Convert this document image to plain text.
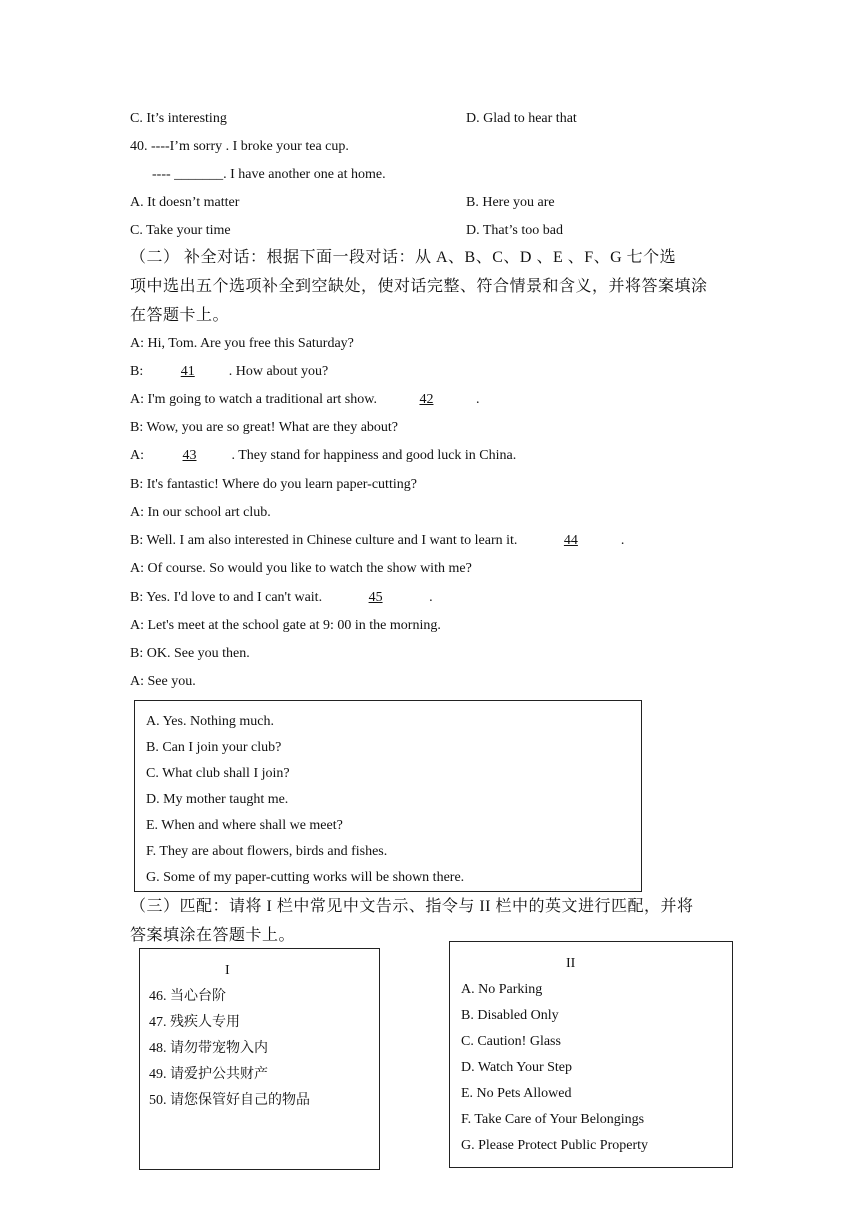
C. It’s interesting	D. Glad to hear that
40. ----I’m sorry . I broke your tea cup.
---- _______. I have another one at home.
A. It doesn’t matter	B. Here you are
C. Take your time	D. That’s too bad
（二） 补全对话：根据下面一段对话：从 A、B、C、D 、E 、F、G 七个选
项中选出五个选项补全到空缺处，使对话完整、符合情景和含义，并将答案填涂
在答题卡上。
A: Hi, Tom. Are you free this Saturday?
B: 41. How about you?
A: I'm going to watch a traditional art show.	42	.
B: Wow, you are so great! What are they about?
A:	43	. They stand for happiness and good luck in China.
B: It's fantastic! Where do you learn paper-cutting?
A: In our school art club.
B: Well. I am also interested in Chinese culture and I want to learn it.	44	.
A: Of course. So would you like to watch the show with me?
B: Yes. I'd love to and I can't wait.	45	.
A: Let's meet at the school gate at 9: 00 in the morning.
B: OK. See you then.
A: See you.
A. Yes. Nothing much.
B. Can I join your club?
C. What club shall I join?
D. My mother taught me.
E. When and where shall we meet?
F. They are about flowers, birds and fishes.
G. Some of my paper-cutting works will be shown there.
（三）匹配：请将 I 栏中常见中文告示、指令与 II 栏中的英文进行匹配，并将
答案填涂在答题卡上。
I
46. 当心台阶
47. 残疾人专用
48. 请勿带宠物入内
49. 请爱护公共财产
50. 请您保管好自己的物品
II
A. No Parking
B. Disabled Only
C. Caution! Glass
D. Watch Your Step
E. No Pets Allowed
F. Take Care of Your Belongings
G. Please Protect Public Property
